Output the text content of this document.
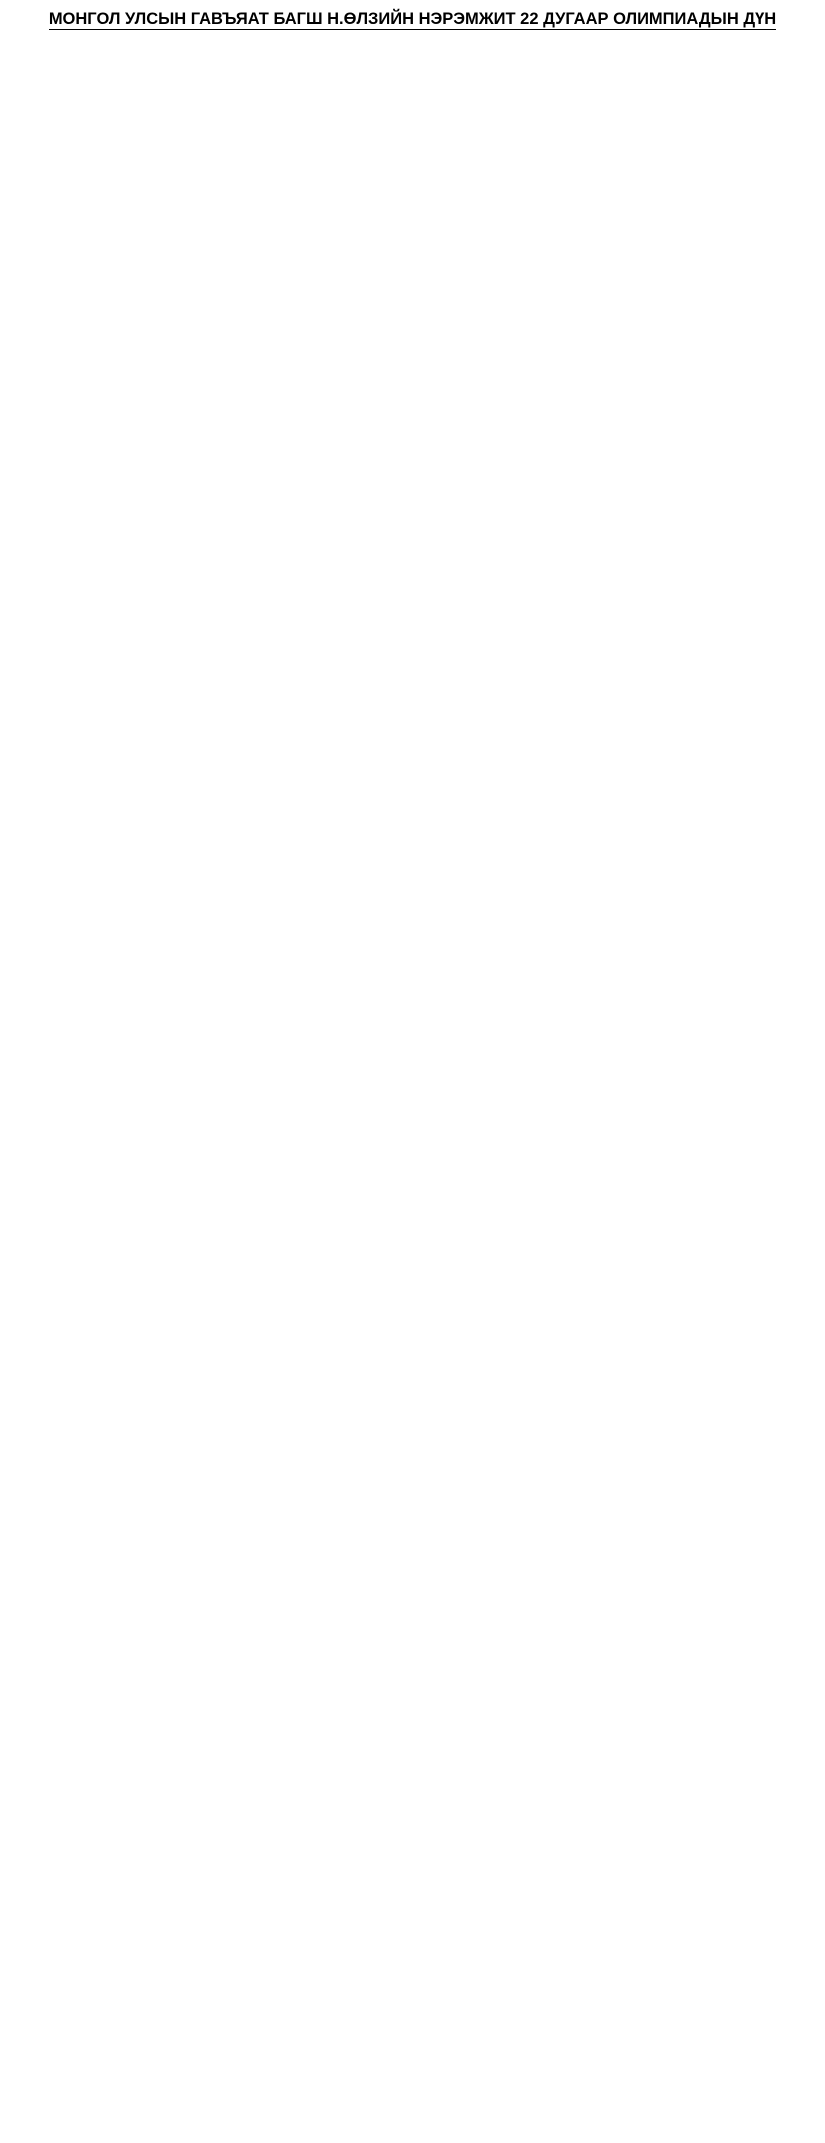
МОНГОЛ УЛСЫН ГАВЪЯАТ БАГШ Н.ӨЛЗИЙН НЭРЭМЖИТ 22 ДУГААР ОЛИМПИАДЫН ДҮН
